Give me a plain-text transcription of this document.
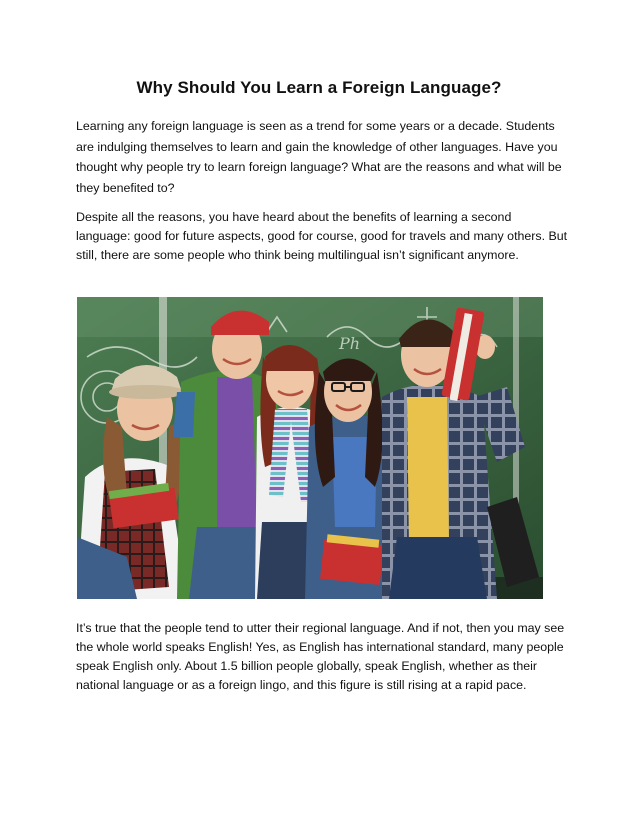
Why Should You Learn a Foreign Language?

Learning any foreign language is seen as a trend for some years or a decade. Students are indulging themselves to learn and gain the knowledge of other languages. Have you thought why people try to learn foreign language? What are the reasons and what will be they benefited to?

Despite all the reasons, you have heard about the benefits of learning a second language: good for future aspects, good for course, good for travels and many others. But still, there are some people who think being multilingual isn’t significant anymore.

Ph

It’s true that the people tend to utter their regional language. And if not, then you may see the whole world speaks English! Yes, as English has international standard, many people speak English only. About 1.5 billion people globally, speak English, whether as their national language or as a foreign lingo, and this figure is still rising at a rapid pace.
